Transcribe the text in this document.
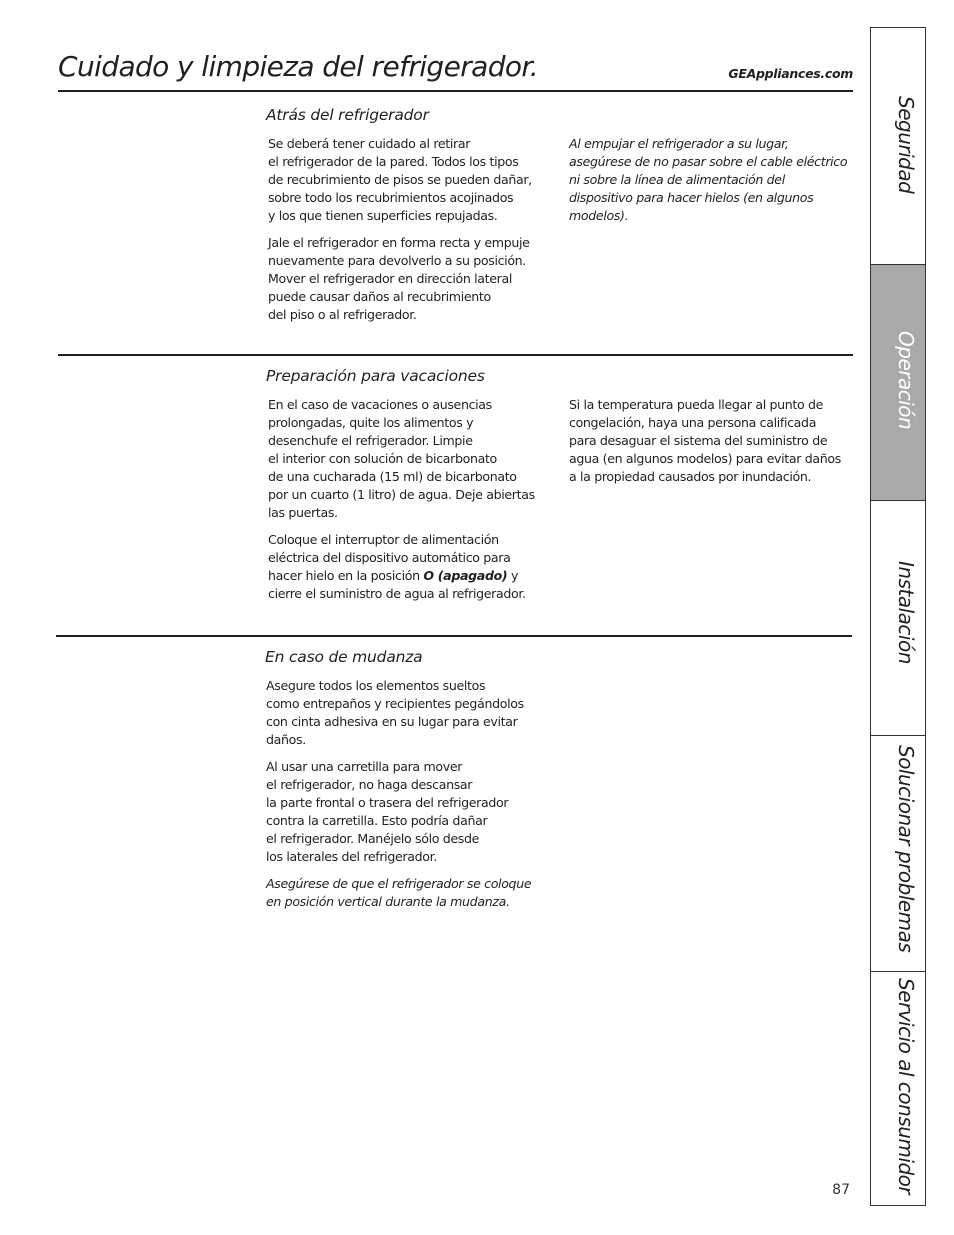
Cuidado y limpieza del refrigerador.	GEAppliances.com
Atrás del refrigerador

Se deberá tener cuidado al retirar
el refrigerador de la pared. Todos los tipos
de recubrimiento de pisos se pueden dañar,
sobre todo los recubrimientos acojinados
y los que tienen superficies repujadas.

Jale el refrigerador en forma recta y empuje
nuevamente para devolverlo a su posición.
Mover el refrigerador en dirección lateral
puede causar daños al recubrimiento
del piso o al refrigerador.

Al empujar el refrigerador a su lugar,
asegúrese de no pasar sobre el cable eléctrico
ni sobre la línea de alimentación del
dispositivo para hacer hielos (en algunos
modelos).

Preparación para vacaciones

En el caso de vacaciones o ausencias
prolongadas, quite los alimentos y
desenchufe el refrigerador. Limpie
el interior con solución de bicarbonato
de una cucharada (15 ml) de bicarbonato
por un cuarto (1 litro) de agua. Deje abiertas
las puertas.

Coloque el interruptor de alimentación
eléctrica del dispositivo automático para
hacer hielo en la posición O (apagado) y
cierre el suministro de agua al refrigerador.

Si la temperatura pueda llegar al punto de
congelación, haya una persona calificada
para desaguar el sistema del suministro de
agua (en algunos modelos) para evitar daños
a la propiedad causados por inundación.

En caso de mudanza

Asegure todos los elementos sueltos
como entrepaños y recipientes pegándolos
con cinta adhesiva en su lugar para evitar
daños.

Al usar una carretilla para mover
el refrigerador, no haga descansar
la parte frontal o trasera del refrigerador
contra la carretilla. Esto podría dañar
el refrigerador. Manéjelo sólo desde
los laterales del refrigerador.

Asegúrese de que el refrigerador se coloque
en posición vertical durante la mudanza.

Seguridad
Operación
Instalación
Solucionar problemas
Servicio al consumidor
87
